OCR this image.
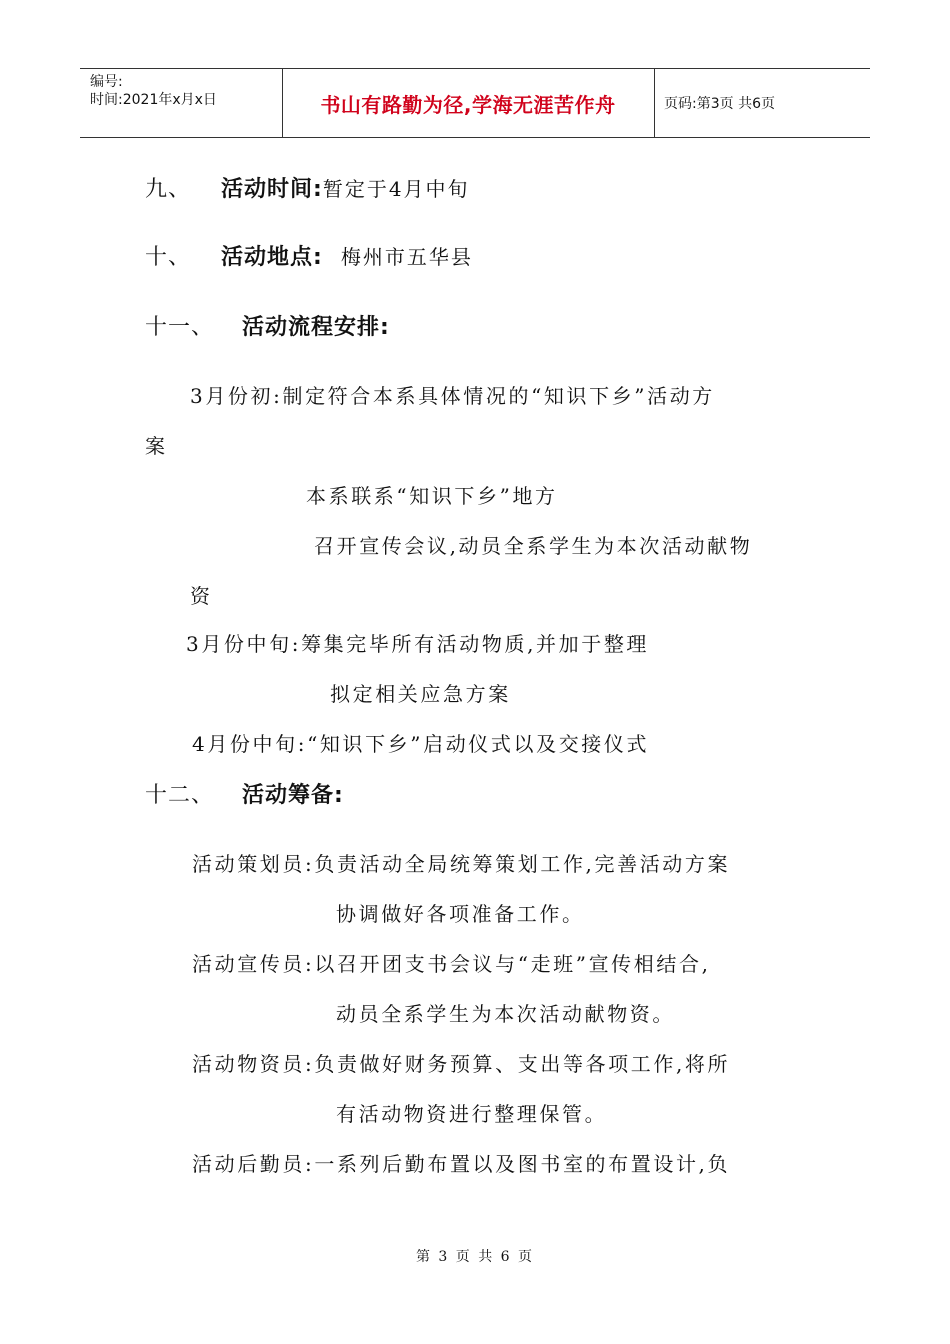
编号:
时间:2021年x月x日	书山有路勤为径,学海无涯苦作舟	页码:第3页 共6页
九、 活动时间:暂定于4月中旬
十、 活动地点: 梅州市五华县
十一、 活动流程安排:
3月份初:制定符合本系具体情况的“知识下乡”活动方
案
本系联系“知识下乡”地方
召开宣传会议,动员全系学生为本次活动献物
资
3月份中旬:筹集完毕所有活动物质,并加于整理
拟定相关应急方案
4月份中旬:“知识下乡”启动仪式以及交接仪式
十二、 活动筹备:
活动策划员:负责活动全局统筹策划工作,完善活动方案
协调做好各项准备工作。
活动宣传员:以召开团支书会议与“走班”宣传相结合,
动员全系学生为本次活动献物资。
活动物资员:负责做好财务预算、支出等各项工作,将所
有活动物资进行整理保管。
活动后勤员:一系列后勤布置以及图书室的布置设计,负
第 3 页 共 6 页
